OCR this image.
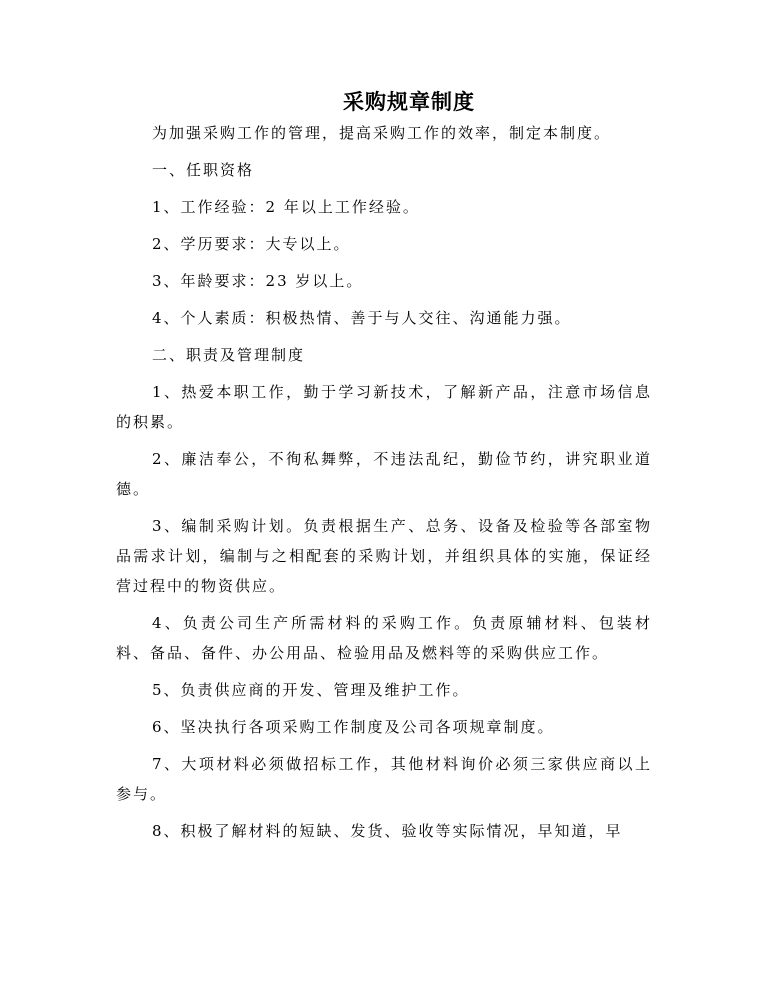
采购规章制度

为加强采购工作的管理，提高采购工作的效率，制定本制度。

一、任职资格

1、工作经验：2 年以上工作经验。

2、学历要求：大专以上。

3、年龄要求：23 岁以上。

4、个人素质：积极热情、善于与人交往、沟通能力强。

二、职责及管理制度

1、热爱本职工作，勤于学习新技术，了解新产品，注意市场信息的积累。

2、廉洁奉公，不徇私舞弊，不违法乱纪，勤俭节约，讲究职业道德。

3、编制采购计划。负责根据生产、总务、设备及检验等各部室物品需求计划，编制与之相配套的采购计划，并组织具体的实施，保证经营过程中的物资供应。

4、负责公司生产所需材料的采购工作。负责原辅材料、包装材料、备品、备件、办公用品、检验用品及燃料等的采购供应工作。

5、负责供应商的开发、管理及维护工作。

6、坚决执行各项采购工作制度及公司各项规章制度。

7、大项材料必须做招标工作，其他材料询价必须三家供应商以上参与。

8、积极了解材料的短缺、发货、验收等实际情况，早知道，早
